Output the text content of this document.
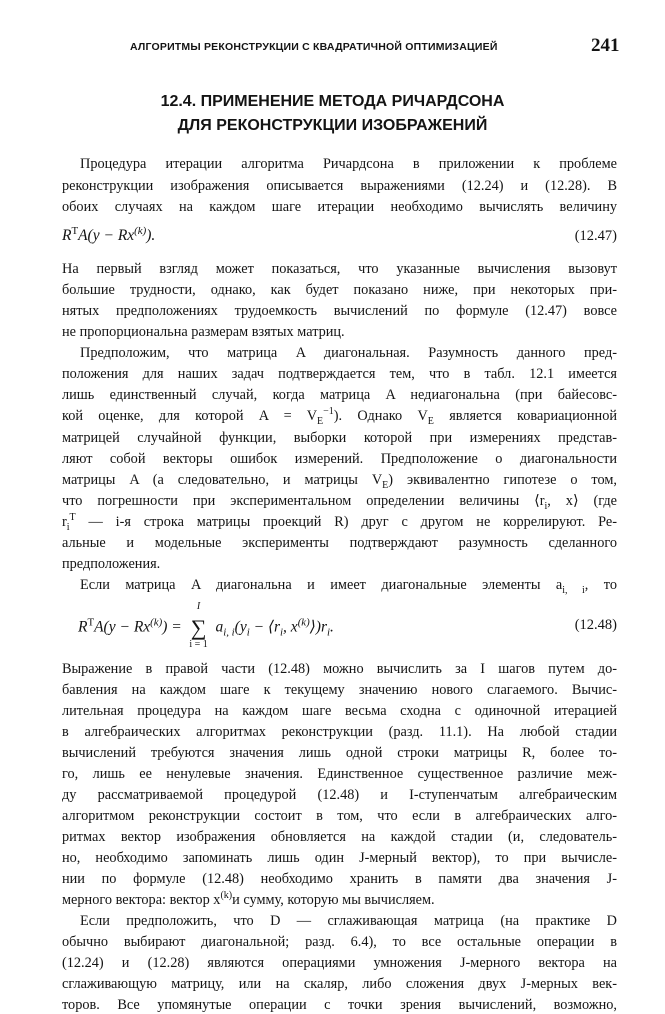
АЛГОРИТМЫ РЕКОНСТРУКЦИИ С КВАДРАТИЧНОЙ ОПТИМИЗАЦИЕЙ	241
12.4. ПРИМЕНЕНИЕ МЕТОДА РИЧАРДСОНА
ДЛЯ РЕКОНСТРУКЦИИ ИЗОБРАЖЕНИЙ
Процедура итерации алгоритма Ричардсона в приложении к проблеме
реконструкции изображения описывается выражениями (12.24) и (12.28). В
обоих случаях на каждом шаге итерации необходимо вычислять величину
$R^TA(y - Rx^{(k)})$.	(12.47)
На первый взгляд может показаться, что указанные вычисления вызовут
большие трудности, однако, как будет показано ниже, при некоторых при-
нятых предположениях трудоемкость вычислений по формуле (12.47) вовсе
не пропорциональна размерам взятых матриц.
Предположим, что матрица A диагональная. Разумность данного пред-
положения для наших задач подтверждается тем, что в табл. 12.1 имеется
лишь единственный случай, когда матрица A недиагональна (при байесовс-
кой оценке, для которой $A = V_E^{-1}$). Однако $V_E$ является ковариационной
матрицей случайной функции, выборки которой при измерениях представ-
ляют собой векторы ошибок измерений. Предположение о диагональности
матрицы A (а следовательно, и матрицы $V_E$) эквивалентно гипотезе о том,
что погрешности при экспериментальном определении величины $⟨r_i$, x⟩ (где
$r_i^T$ — i-я строка матрицы проекций R) друг с другом не коррелируют. Ре-
альные и модельные эксперименты подтверждают разумность сделанного
предположения.
Если матрица A диагональна и имеет диагональные элементы $a_{i, i}$, то
$R^TA(y - Rx^{(k)})$ =
I
∑
i = 1
$a_{i, i}(y_i$ − $⟨r_i$, $x^{(k)}⟩)r_i$.	(12.48)
Выражение в правой части (12.48) можно вычислить за I шагов путем до-
бавления на каждом шаге к текущему значению нового слагаемого. Вычис-
лительная процедура на каждом шаге весьма сходна с одиночной итерацией
в алгебраических алгоритмах реконструкции (разд. 11.1). На любой стадии
вычислений требуются значения лишь одной строки матрицы R, более то-
го, лишь ее ненулевые значения. Единственное существенное различие меж-
ду рассматриваемой процедурой (12.48) и I-ступенчатым алгебраическим
алгоритмом реконструкции состоит в том, что если в алгебраических алго-
ритмах вектор изображения обновляется на каждой стадии (и, следователь-
но, необходимо запоминать лишь один J-мерный вектор), то при вычисле-
нии по формуле (12.48) необходимо хранить в памяти два значения J-
мерного вектора: вектор $x^{(k)}и$ сумму, которую мы вычисляем.
Если предположить, что D — сглаживающая матрица (на практике D
обычно выбирают диагональной; разд. 6.4), то все остальные операции в
(12.24) и (12.28) являются операциями умножения J-мерного вектора на
сглаживающую матрицу, или на скаляр, либо сложения двух J-мерных век-
торов. Все упомянутые операции с точки зрения вычислений, возможно,
